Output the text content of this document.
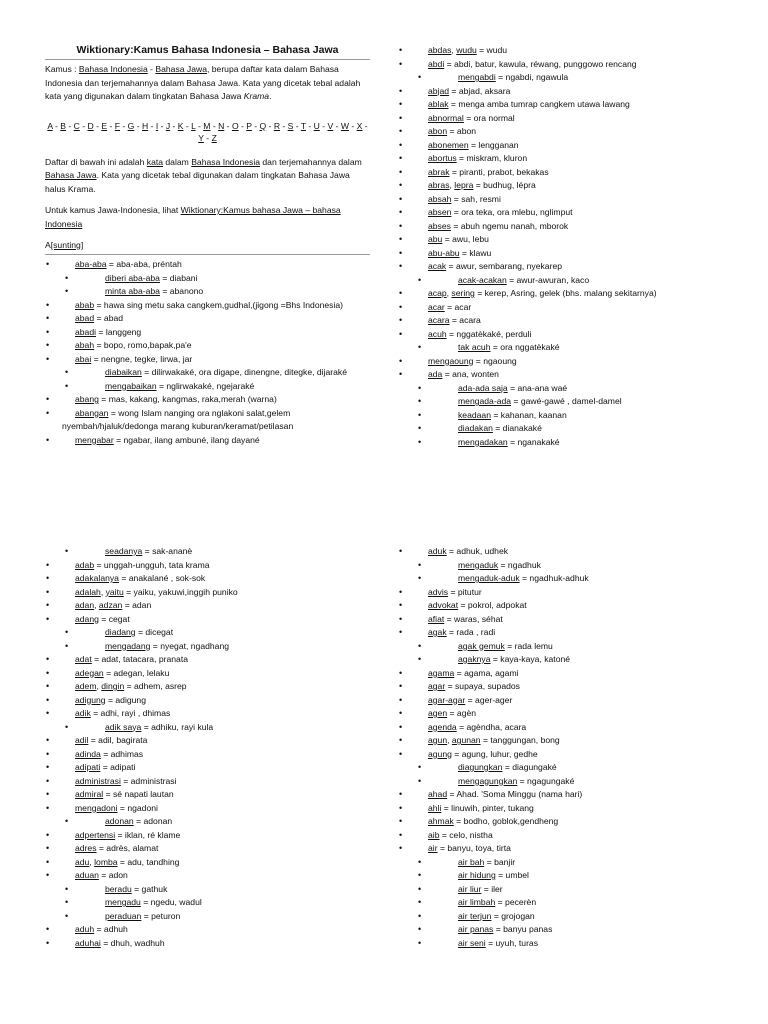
Wiktionary:Kamus Bahasa Indonesia – Bahasa Jawa

Kamus : Bahasa Indonesia - Bahasa Jawa, berupa daftar kata dalam Bahasa Indonesia dan terjemahannya dalam Bahasa Jawa. Kata yang dicetak tebal adalah kata yang digunakan dalam tingkatan Bahasa Jawa Krama.

A - B - C - D - E - F - G - H - I - J - K - L - M - N - O - P - Q - R - S - T - U - V - W - X - Y - Z

Daftar di bawah ini adalah kata dalam Bahasa Indonesia dan terjemahannya dalam Bahasa Jawa. Kata yang dicetak tebal digunakan dalam tingkatan Bahasa Jawa halus Krama.

Untuk kamus Jawa-Indonesia, lihat Wiktionary:Kamus bahasa Jawa – bahasa Indonesia

A[sunting]
• aba-aba = aba-aba, préntah
• diberi aba-aba = diabani
• minta aba-aba = abanono
• abab = hawa sing metu saka cangkem,gudhal,(jigong =Bhs Indonesia)
• abad = abad
• abadi = langgeng
• abah = bopo, romo,bapak,pa'e
• abai = nengne, tegke, lirwa, jar
• diabaikan = dilirwakaké, ora digape, dinengne, ditegke, dijaraké
• mengabaikan = nglirwakaké, ngejaraké
• abang = mas, kakang, kangmas, raka,merah (warna)
• abangan = wong Islam nanging ora nglakoni salat,gelem nyembah/hjaluk/dedonga marang kuburan/keramat/petilasan
• mengabar = ngabar, ilang ambuné, ilang dayané
• abdas, wudu = wudu
• abdi = abdi, batur, kawula, réwang, punggowo rencang
• mengabdi = ngabdi, ngawula
• abjad = abjad, aksara
• ablak = menga amba tumrap cangkem utawa lawang
• abnormal = ora normal
• abon = abon
• abonemen = lengganan
• abortus = miskram, kluron
• abrak = piranti, prabot, bekakas
• abras, lepra = budhug, lépra
• absah = sah, resmi
• absen = ora teka, ora mlebu, nglimput
• abses = abuh ngemu nanah, mborok
• abu = awu, lebu
• abu-abu = klawu
• acak = awur, sembarang, nyekarep
• acak-acakan = awur-awuran, kaco
• acap, sering = kerep, Asring, gelek (bhs. malang sekitarnya)
• acar = acar
• acara = acara
• acuh = nggatèkaké, perduli
• tak acuh = ora nggatèkaké
• mengaoung = ngaoung
• ada = ana, wonten
• ada-ada saja = ana-ana waé
• mengada-ada = gawé-gawé , damel-damel
• keadaan = kahanan, kaanan
• diadakan = dianakaké
• mengadakan = nganakaké
• seadanya = sak-ananè
• adab = unggah-ungguh, tata krama
• adakalanya = anakalané , sok-sok
• adalah, yaitu = yaiku, yakuwi,inggih puniko
• adan, adzan = adan
• adang = cegat
• diadang = dicegat
• mengadang = nyegat, ngadhang
• adat = adat, tatacara, pranata
• adegan = adegan, lelaku
• adem, dingin = adhem, asrep
• adigung = adigung
• adik = adhi, rayi , dhimas
• adik saya = adhiku, rayi kula
• adil = adil, bagirata
• adinda = adhimas
• adipati = adipati
• administrasi = administrasi
• admiral = sé napati lautan
• mengadoni = ngadoni
• adonan = adonan
• adpertensi = iklan, ré klame
• adres = adrès, alamat
• adu, lomba = adu, tandhing
• aduan = adon
• beradu = gathuk
• mengadu = ngedu, wadul
• peraduan = peturon
• aduh = adhuh
• aduhai = dhuh, wadhuh
• aduk = adhuk, udhek
• mengaduk = ngadhuk
• mengaduk-aduk = ngadhuk-adhuk
• advis = pitutur
• advokat = pokrol, adpokat
• afiat = waras, séhat
• agak = rada , radi
• agak gemuk = rada lemu
• agaknya = kaya-kaya, katoné
• agama = agama, agami
• agar = supaya, supados
• agar-agar = ager-ager
• agen = agèn
• agenda = agèndha, acara
• agun, agunan = tanggungan, bong
• agung = agung, luhur, gedhe
• diagungkan = diagungaké
• mengagungkan = ngagungaké
• ahad = Ahad. 'Soma Minggu (nama hari)
• ahli = linuwih, pinter, tukang
• ahmak = bodho, goblok,gendheng
• aib = celo, nistha
• air = banyu, toya, tirta
• air bah = banjir
• air hidung = umbel
• air liur = iler
• air limbah = pecerèn
• air terjun = grojogan
• air panas = banyu panas
• air seni = uyuh, turas
